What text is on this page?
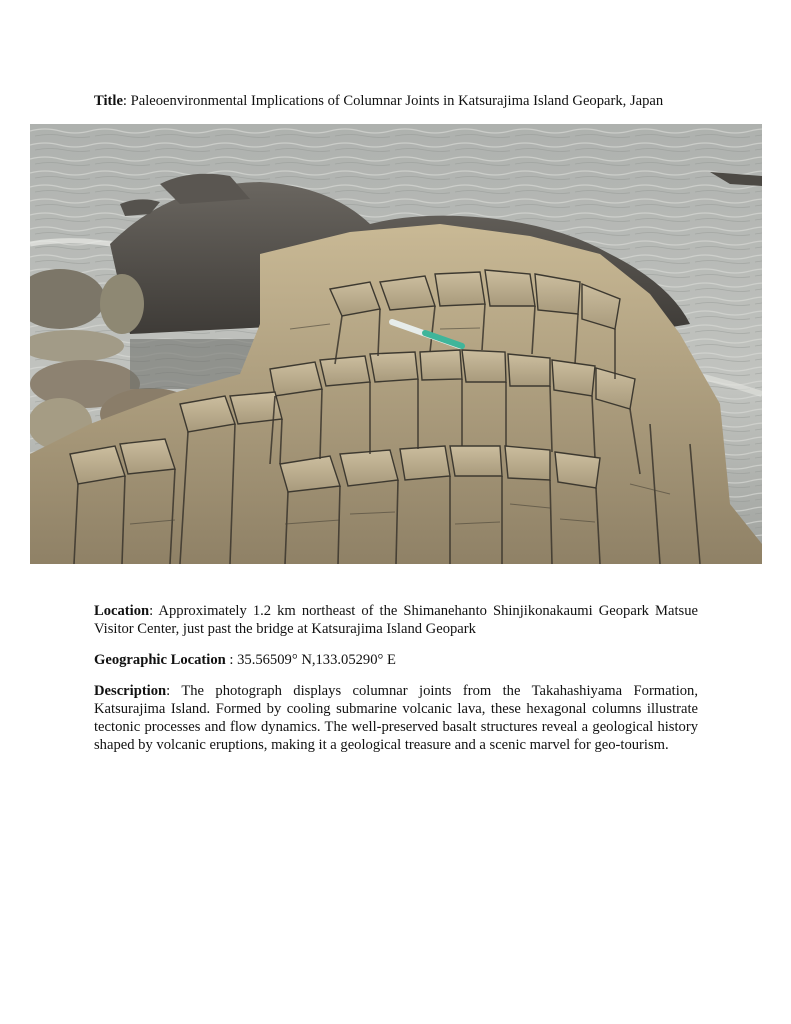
Title: Paleoenvironmental Implications of Columnar Joints in Katsurajima Island Geopark, Japan
Location: Approximately 1.2 km northeast of the Shimanehanto Shinjikonakaumi Geopark Matsue Visitor Center, just past the bridge at Katsurajima Island Geopark
Geographic Location : 35.56509° N,133.05290° E
Description: The photograph displays columnar joints from the Takahashiyama Formation, Katsurajima Island. Formed by cooling submarine volcanic lava, these hexagonal columns illustrate tectonic processes and flow dynamics. The well-preserved basalt structures reveal a geological history shaped by volcanic eruptions, making it a geological treasure and a scenic marvel for geo-tourism.
